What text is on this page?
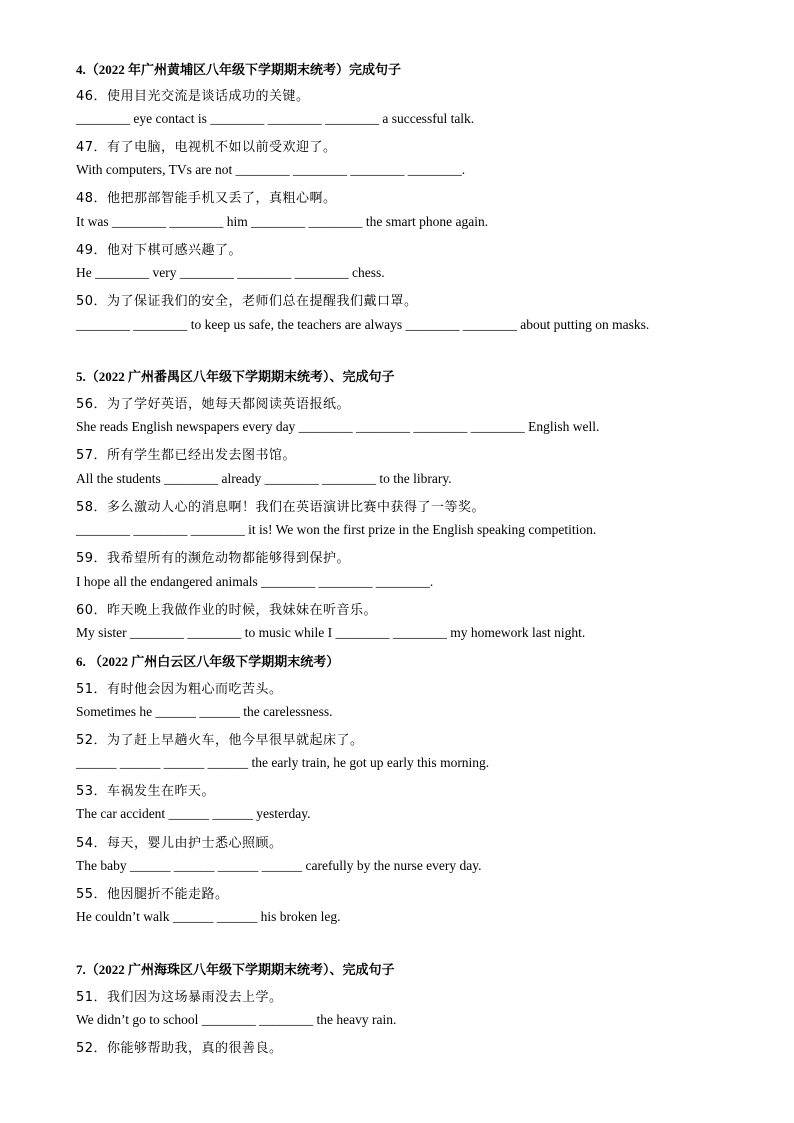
4.（2022 年广州黄埔区八年级下学期期末统考）完成句子
46．使用目光交流是谈话成功的关键。
________ eye contact is ________ ________ ________ a successful talk.
47．有了电脑，电视机不如以前受欢迎了。
With computers, TVs are not ________ ________ ________ ________.
48．他把那部智能手机又丢了，真粗心啊。
It was ________ ________ him ________ ________ the smart phone again.
49．他对下棋可感兴趣了。
He ________ very ________ ________ ________ chess.
50．为了保证我们的安全，老师们总在提醒我们戴口罩。
________ ________ to keep us safe, the teachers are always ________ ________ about putting on masks.
5.（2022 广州番禺区八年级下学期期末统考）、完成句子
56．为了学好英语，她每天都阅读英语报纸。
She reads English newspapers every day ________ ________ ________ ________ English well.
57．所有学生都已经出发去图书馆。
All the students ________ already ________ ________ to the library.
58．多么激动人心的消息啊！我们在英语演讲比赛中获得了一等奖。
________ ________ ________ it is! We won the first prize in the English speaking competition.
59．我希望所有的濒危动物都能够得到保护。
I hope all the endangered animals ________ ________ ________.
60．昨天晚上我做作业的时候，我妹妹在听音乐。
My sister ________ ________ to music while I ________ ________ my homework last night.
6. （2022 广州白云区八年级下学期期末统考）
51．有时他会因为粗心而吃苦头。
Sometimes he ______ ______ the carelessness.
52．为了赶上早趟火车，他今早很早就起床了。
______ ______ ______ ______ the early train, he got up early this morning.
53．车祸发生在昨天。
The car accident ______ ______ yesterday.
54．每天，婴儿由护士悉心照顾。
The baby ______ ______ ______ ______ carefully by the nurse every day.
55．他因腿折不能走路。
He couldn’t walk ______ ______ his broken leg.
7.（2022 广州海珠区八年级下学期期末统考）、完成句子
51．我们因为这场暴雨没去上学。
We didn’t go to school ________ ________ the heavy rain.
52．你能够帮助我，真的很善良。
